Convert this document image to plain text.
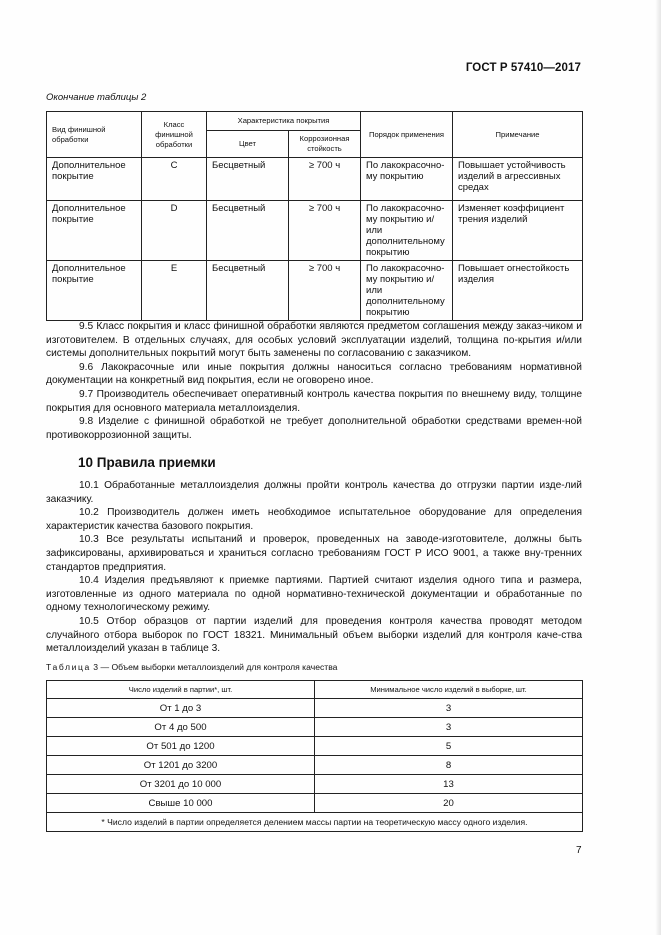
ГОСТ Р 57410—2017
Окончание таблицы 2
Вид финишной обработки	Класс финишной обработки	Характеристика покрытия		Порядок применения	Примечание
		Цвет	Коррозионная стойкость		
Дополнительное покрытие	C	Бесцветный	≥ 700 ч	По лакокрасочно-му покрытию	Повышает устойчивость изделий в агрессивных средах
Дополнительное покрытие	D	Бесцветный	≥ 700 ч	По лакокрасочно-му покрытию и/или дополнительному покрытию	Изменяет коэффициент трения изделий
Дополнительное покрытие	E	Бесцветный	≥ 700 ч	По лакокрасочно-му покрытию и/или дополнительному покрытию	Повышает огнестойкость изделия

9.5 Класс покрытия и класс финишной обработки являются предметом соглашения между заказ-чиком и изготовителем. В отдельных случаях, для особых условий эксплуатации изделий, толщина по-крытия и/или системы дополнительных покрытий могут быть заменены по согласованию с заказчиком.

9.6 Лакокрасочные или иные покрытия должны наноситься согласно требованиям нормативной документации на конкретный вид покрытия, если не оговорено иное.

9.7 Производитель обеспечивает оперативный контроль качества покрытия по внешнему виду, толщине покрытия для основного материала металлоизделия.

9.8 Изделие с финишной обработкой не требует дополнительной обработки средствами времен-ной противокоррозионной защиты.

10 Правила приемки

10.1 Обработанные металлоизделия должны пройти контроль качества до отгрузки партии изде-лий заказчику.

10.2 Производитель должен иметь необходимое испытательное оборудование для определения характеристик качества базового покрытия.

10.3 Все результаты испытаний и проверок, проведенных на заводе-изготовителе, должны быть зафиксированы, архивироваться и храниться согласно требованиям ГОСТ Р ИСО 9001, а также вну-тренних стандартов предприятия.

10.4 Изделия предъявляют к приемке партиями. Партией считают изделия одного типа и размера, изготовленные из одного материала по одной нормативно-технической документации и обработанные по одному технологическому режиму.

10.5 Отбор образцов от партии изделий для проведения контроля качества проводят методом случайного отбора выборок по ГОСТ 18321. Минимальный объем выборки изделий для контроля каче-ства металлоизделий указан в таблице 3.

Таблица 3 — Объем выборки металлоизделий для контроля качества
Число изделий в партии*, шт.	Минимальное число изделий в выборке, шт.
От 1 до 3	3
От 4 до 500	3
От 501 до 1200	5
От 1201 до 3200	8
От 3201 до 10 000	13
Свыше 10 000	20
* Число изделий в партии определяется делением массы партии на теоретическую массу одного изделия.	
7
